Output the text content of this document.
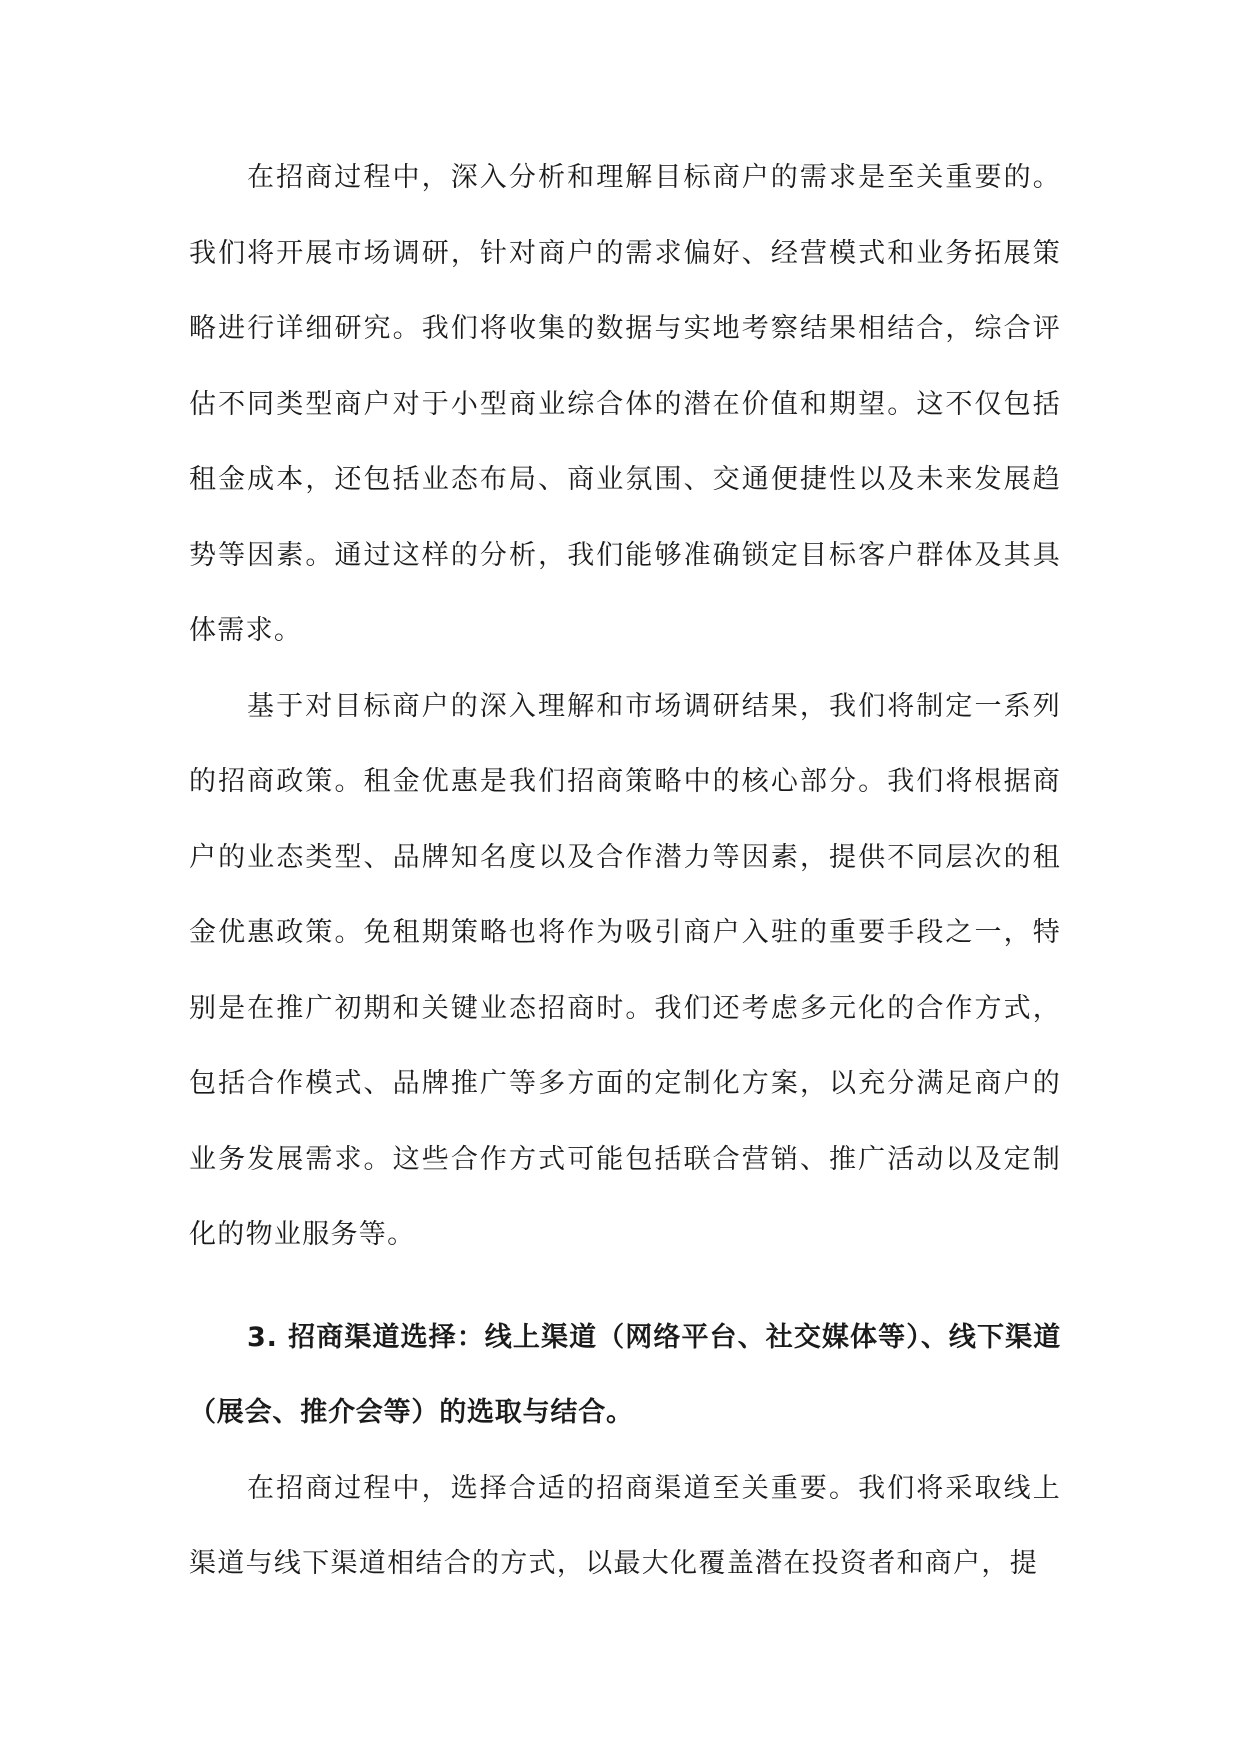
在招商过程中，深入分析和理解目标商户的需求是至关重要的。我们将开展市场调研，针对商户的需求偏好、经营模式和业务拓展策略进行详细研究。我们将收集的数据与实地考察结果相结合，综合评估不同类型商户对于小型商业综合体的潜在价值和期望。这不仅包括租金成本，还包括业态布局、商业氛围、交通便捷性以及未来发展趋势等因素。通过这样的分析，我们能够准确锁定目标客户群体及其具体需求。

基于对目标商户的深入理解和市场调研结果，我们将制定一系列的招商政策。租金优惠是我们招商策略中的核心部分。我们将根据商户的业态类型、品牌知名度以及合作潜力等因素，提供不同层次的租金优惠政策。免租期策略也将作为吸引商户入驻的重要手段之一，特别是在推广初期和关键业态招商时。我们还考虑多元化的合作方式，包括合作模式、品牌推广等多方面的定制化方案，以充分满足商户的业务发展需求。这些合作方式可能包括联合营销、推广活动以及定制化的物业服务等。

3. 招商渠道选择：线上渠道（网络平台、社交媒体等）、线下渠道（展会、推介会等）的选取与结合。

在招商过程中，选择合适的招商渠道至关重要。我们将采取线上渠道与线下渠道相结合的方式，以最大化覆盖潜在投资者和商户，提
